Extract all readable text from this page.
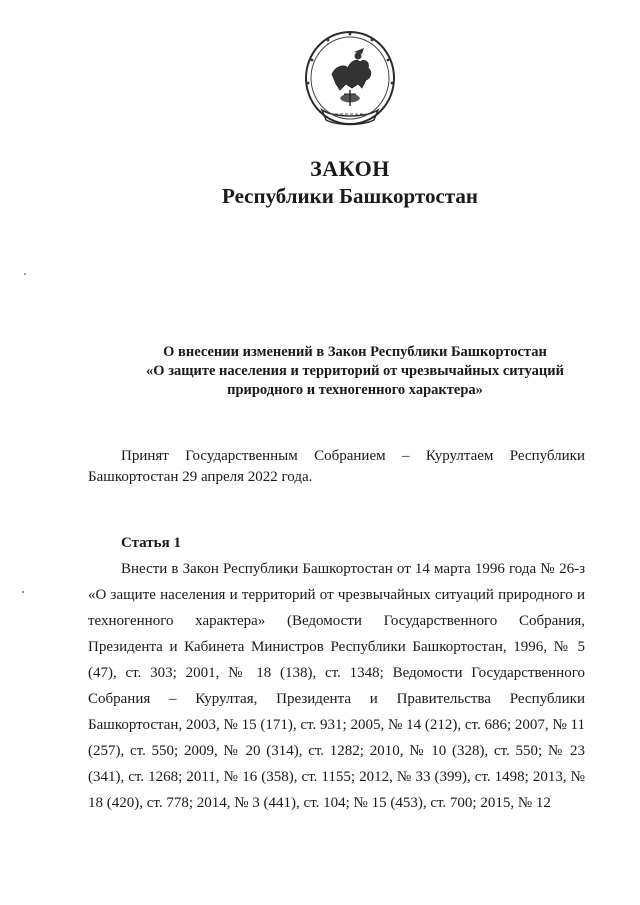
ЗАКОН
Республики Башкортостан
О внесении изменений в Закон Республики Башкортостан
«О защите населения и территорий от чрезвычайных ситуаций
природного и техногенного характера»
Принят Государственным Собранием – Курултаем Республики Башкортостан 29 апреля 2022 года.
Статья 1
Внести в Закон Республики Башкортостан от 14 марта 1996 года № 26-з «О защите населения и территорий от чрезвычайных ситуаций природного и техногенного характера» (Ведомости Государственного Собрания, Президента и Кабинета Министров Республики Башкортостан, 1996, № 5 (47), ст. 303; 2001, № 18 (138), ст. 1348; Ведомости Государственного Собрания – Курултая, Президента и Правительства Республики Башкортостан, 2003, № 15 (171), ст. 931; 2005, № 14 (212), ст. 686; 2007, № 11 (257), ст. 550; 2009, № 20 (314), ст. 1282; 2010, № 10 (328), ст. 550; № 23 (341), ст. 1268; 2011, № 16 (358), ст. 1155; 2012, № 33 (399), ст. 1498; 2013, № 18 (420), ст. 778; 2014, № 3 (441), ст. 104; № 15 (453), ст. 700; 2015, № 12
